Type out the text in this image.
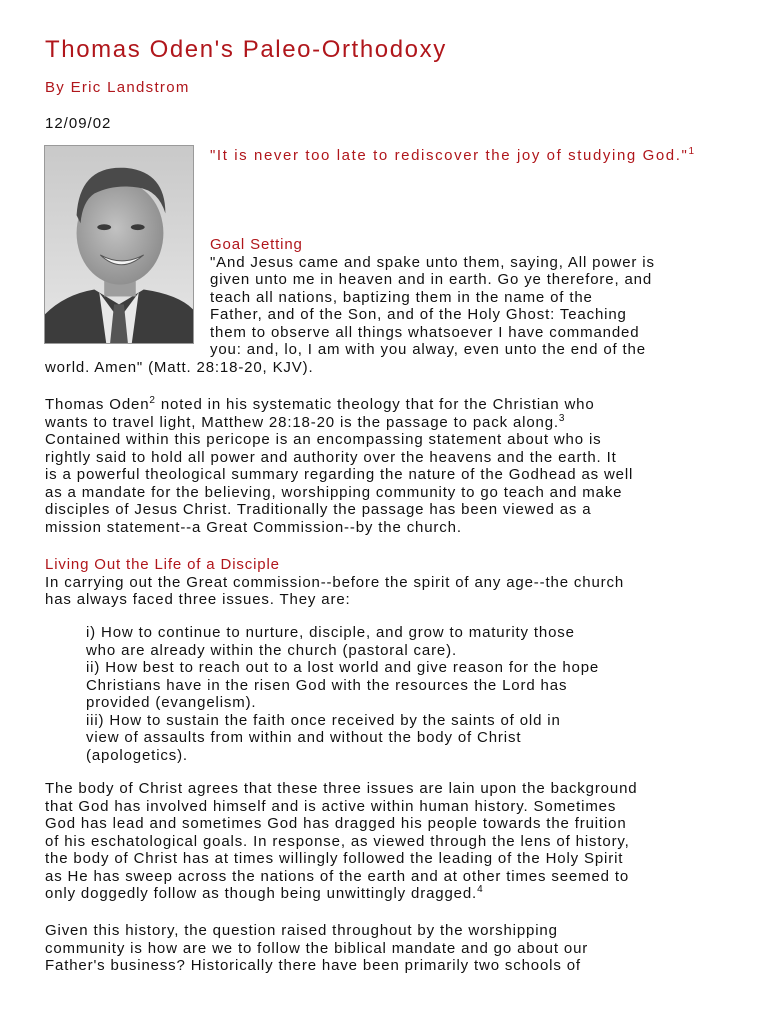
Thomas Oden's Paleo-Orthodoxy
By Eric Landstrom
12/09/02
"It is never too late to rediscover the joy of studying God."$^1$
Goal Setting
"And Jesus came and spake unto them, saying, All power is
given unto me in heaven and in earth. Go ye therefore, and
teach all nations, baptizing them in the name of the
Father, and of the Son, and of the Holy Ghost: Teaching
them to observe all things whatsoever I have commanded
you: and, lo, I am with you alway, even unto the end of the
world. Amen" (Matt. 28:18-20, KJV).
Thomas Oden$^2$ noted in his systematic theology that for the Christian who
wants to travel light, Matthew 28:18-20 is the passage to pack along.$^3$
Contained within this pericope is an encompassing statement about who is
rightly said to hold all power and authority over the heavens and the earth. It
is a powerful theological summary regarding the nature of the Godhead as well
as a mandate for the believing, worshipping community to go teach and make
disciples of Jesus Christ. Traditionally the passage has been viewed as a
mission statement--a Great Commission--by the church.
Living Out the Life of a Disciple
In carrying out the Great commission--before the spirit of any age--the church
has always faced three issues. They are:
i) How to continue to nurture, disciple, and grow to maturity those
who are already within the church (pastoral care).
ii) How best to reach out to a lost world and give reason for the hope
Christians have in the risen God with the resources the Lord has
provided (evangelism).
iii) How to sustain the faith once received by the saints of old in
view of assaults from within and without the body of Christ
(apologetics).
The body of Christ agrees that these three issues are lain upon the background
that God has involved himself and is active within human history. Sometimes
God has lead and sometimes God has dragged his people towards the fruition
of his eschatological goals. In response, as viewed through the lens of history,
the body of Christ has at times willingly followed the leading of the Holy Spirit
as He has sweep across the nations of the earth and at other times seemed to
only doggedly follow as though being unwittingly dragged.$^4$
Given this history, the question raised throughout by the worshipping
community is how are we to follow the biblical mandate and go about our
Father's business? Historically there have been primarily two schools of
